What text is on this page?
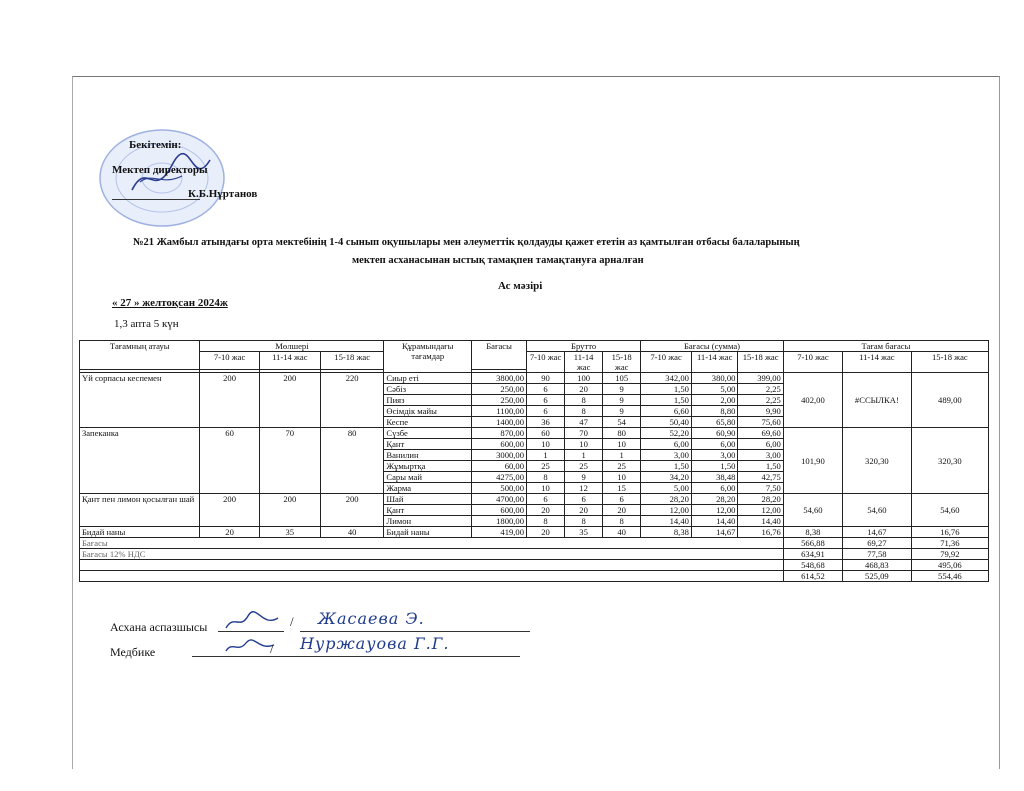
Бекітемін:
Мектеп директоры
К.Б.Нұртанов
№21 Жамбыл атындағы орта мектебінің 1-4 сынып оқушылары мен әлеуметтік қолдауды қажет ететін аз қамтылған отбасы балаларының
мектеп асханасынан ыстық тамақпен тамақтануға арналған
Ас мәзірі
« 27 » желтоқсан 2024ж
1,3 апта 5 күн
Тағамның атауы	Мөлшері			Құрамындағы тағамдар	Бағасы	Брутто			Бағасы (сумма)			Тағам бағасы		
	7-10 жас	11-14 жас	15-18 жас			7-10 жас	11-14 жас	15-18 жас	7-10 жас	11-14 жас	15-18 жас	7-10 жас	11-14 жас	15-18 жас

Үй сорпасы кеспемен	200	200	220	Сиыр еті	3800,00	90	100	105	342,00	380,00	399,00	402,00	#ССЫЛКА!	489,00
				Сәбіз	250,00	6	20	9	1,50	5,00	2,25			
				Пияз	250,00	6	8	9	1,50	2,00	2,25			
				Өсімдік майы	1100,00	6	8	9	6,60	8,80	9,90			
				Кеспе	1400,00	36	47	54	50,40	65,80	75,60			
Запеканка	60	70	80	Сүзбе	870,00	60	70	80	52,20	60,90	69,60	101,90	320,30	320,30
				Қант	600,00	10	10	10	6,00	6,00	6,00			
				Ванилин	3000,00	1	1	1	3,00	3,00	3,00			
				Жұмыртқа	60,00	25	25	25	1,50	1,50	1,50			
				Сары май	4275,00	8	9	10	34,20	38,48	42,75			
				Жарма	500,00	10	12	15	5,00	6,00	7,50			
Қант пен лимон қосылған шай	200	200	200	Шай	4700,00	6	6	6	28,20	28,20	28,20	54,60	54,60	54,60
				Қант	600,00	20	20	20	12,00	12,00	12,00			
				Лимон	1800,00	8	8	8	14,40	14,40	14,40			
Бидай наны	20	35	40	Бидай наны	419,00	20	35	40	8,38	14,67	16,76	8,38	14,67	16,76
Бағасы												566,88	69,27	71,36
Бағасы 12% НДС												634,91	77,58	79,92
												548,68	468,83	495,06
												614,52	525,09	554,46
Асхана аспазшысы	/ Жасаева Э.
Медбике	/ Нуржауова Г.Г.
